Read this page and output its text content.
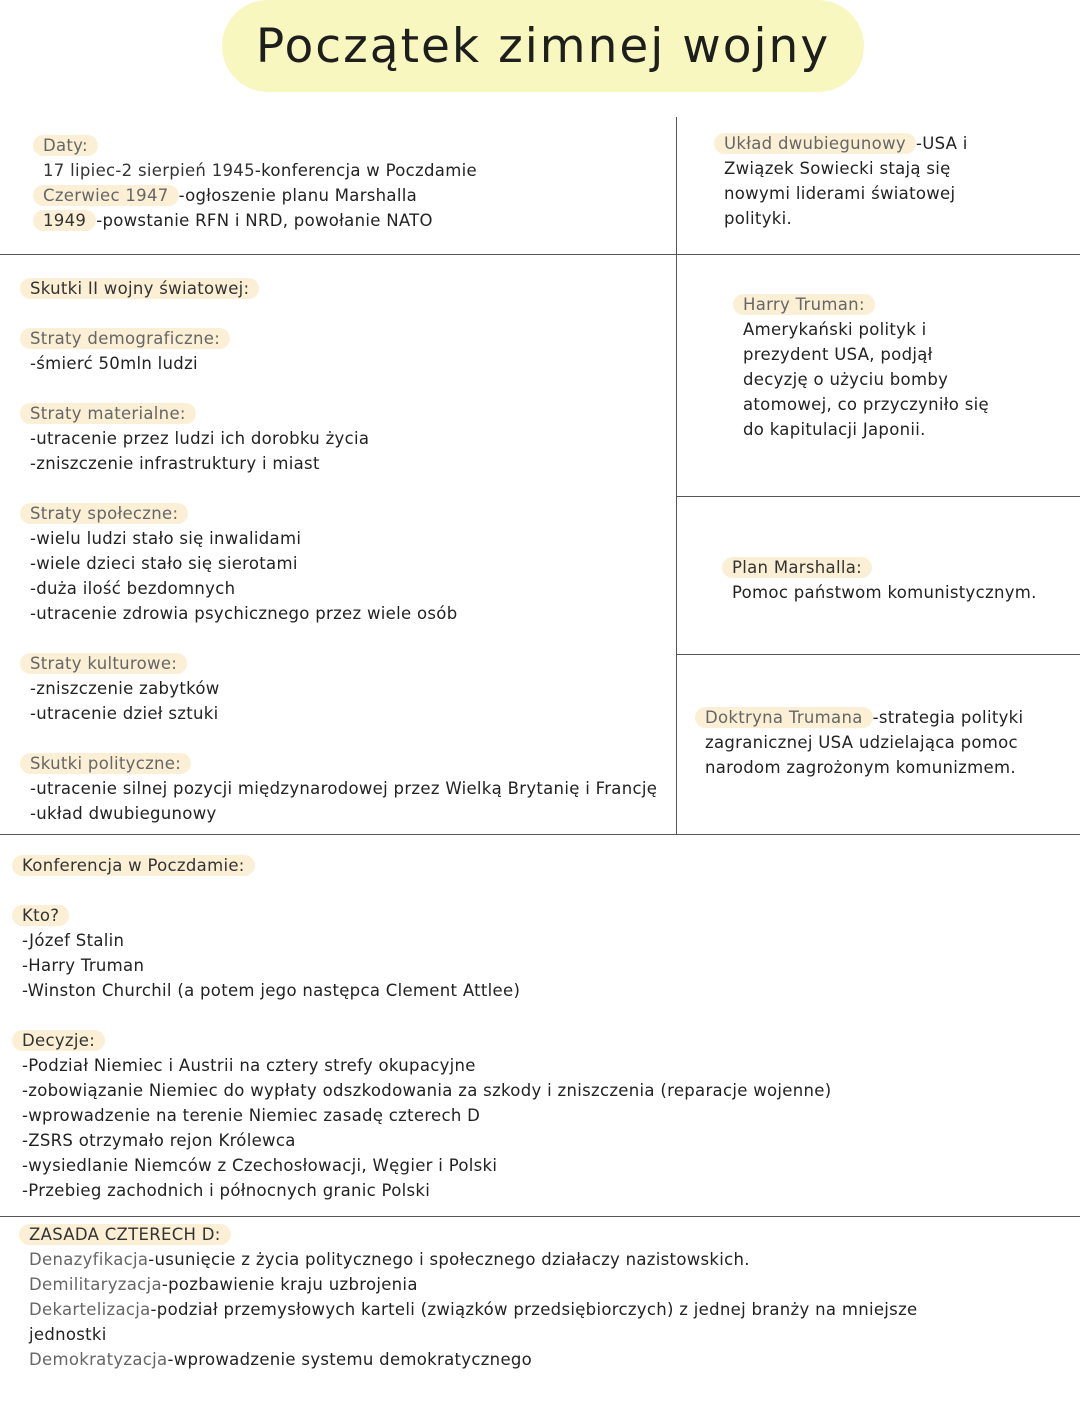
Początek zimnej wojny
Daty:
17 lipiec-2 sierpień 1945-konferencja w Poczdamie
Czerwiec 1947 -ogłoszenie planu Marshalla
1949 -powstanie RFN i NRD, powołanie NATO
Układ dwubiegunowy -USA i
Związek Sowiecki stają się
nowymi liderami światowej
polityki.
Skutki II wojny światowej:
Straty demograficzne:
-śmierć 50mln ludzi
Straty materialne:
-utracenie przez ludzi ich dorobku życia
-zniszczenie infrastruktury i miast
Straty społeczne:
-wielu ludzi stało się inwalidami
-wiele dzieci stało się sierotami
-duża ilość bezdomnych
-utracenie zdrowia psychicznego przez wiele osób
Straty kulturowe:
-zniszczenie zabytków
-utracenie dzieł sztuki
Skutki polityczne:
-utracenie silnej pozycji międzynarodowej przez Wielką Brytanię i Francję
-układ dwubiegunowy
Harry Truman:
Amerykański polityk i
prezydent USA, podjął
decyzję o użyciu bomby
atomowej, co przyczyniło się
do kapitulacji Japonii.
Plan Marshalla:
Pomoc państwom komunistycznym.
Doktryna Trumana -strategia polityki
zagranicznej USA udzielająca pomoc
narodom zagrożonym komunizmem.
Konferencja w Poczdamie:
Kto?
-Józef Stalin
-Harry Truman
-Winston Churchil (a potem jego następca Clement Attlee)
Decyzje:
-Podział Niemiec i Austrii na cztery strefy okupacyjne
-zobowiązanie Niemiec do wypłaty odszkodowania za szkody i zniszczenia (reparacje wojenne)
-wprowadzenie na terenie Niemiec zasadę czterech D
-ZSRS otrzymało rejon Królewca
-wysiedlanie Niemców z Czechosłowacji, Węgier i Polski
-Przebieg zachodnich i północnych granic Polski
ZASADA CZTERECH D:
Denazyfikacja-usunięcie z życia politycznego i społecznego działaczy nazistowskich.
Demilitaryzacja-pozbawienie kraju uzbrojenia
Dekartelizacja-podział przemysłowych karteli (związków przedsiębiorczych) z jednej branży na mniejsze
jednostki
Demokratyzacja-wprowadzenie systemu demokratycznego
